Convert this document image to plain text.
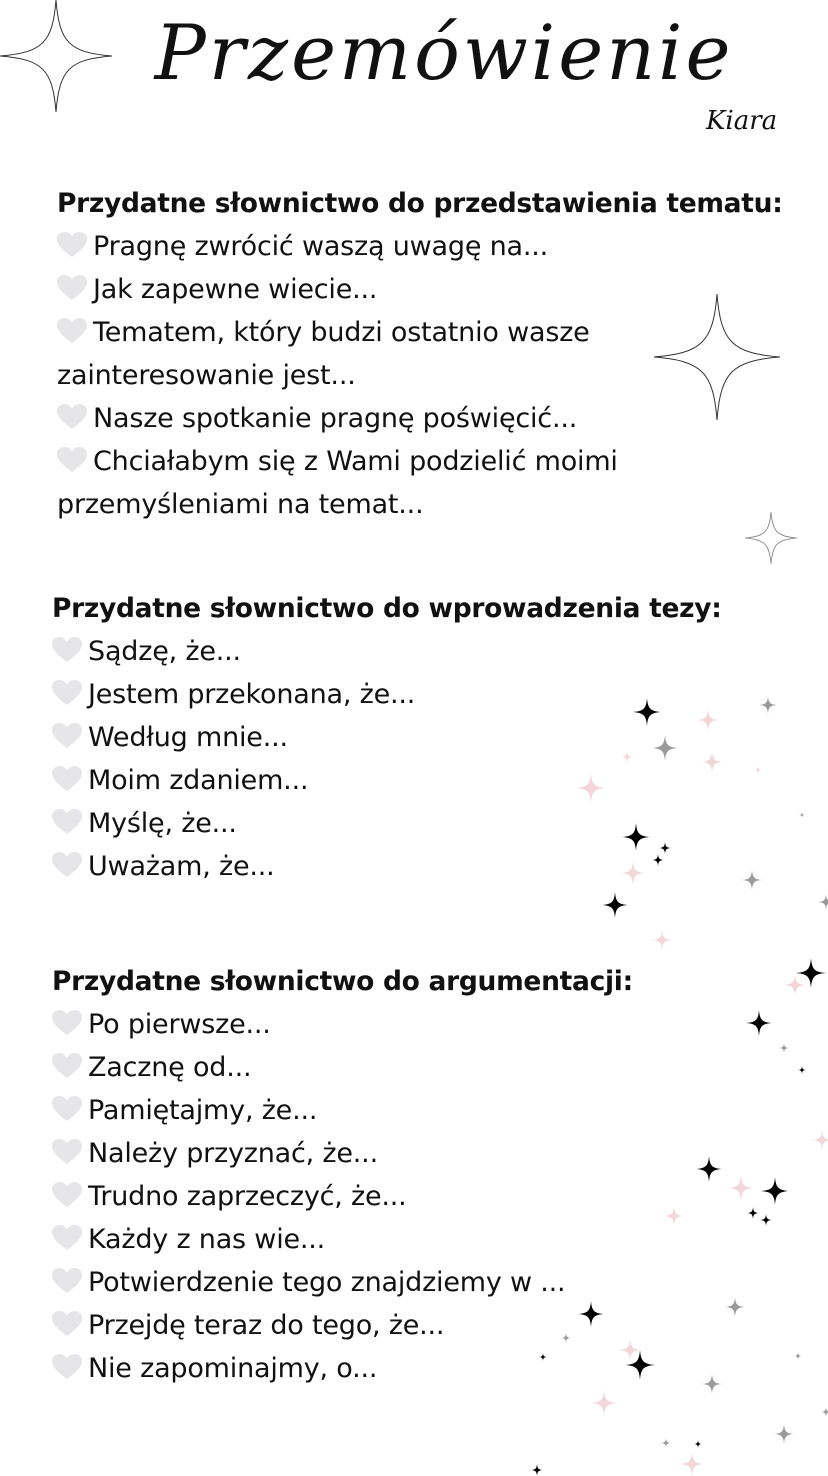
Przemówienie
Kiara
Przydatne słownictwo do przedstawienia tematu:
Pragnę zwrócić waszą uwagę na...
Jak zapewne wiecie...
Tematem, który budzi ostatnio wasze
zainteresowanie jest...
Nasze spotkanie pragnę poświęcić...
Chciałabym się z Wami podzielić moimi
przemyśleniami na temat...
Przydatne słownictwo do wprowadzenia tezy:
Sądzę, że...
Jestem przekonana, że...
Według mnie...
Moim zdaniem...
Myślę, że...
Uważam, że...
Przydatne słownictwo do argumentacji:
Po pierwsze...
Zacznę od...
Pamiętajmy, że...
Należy przyznać, że...
Trudno zaprzeczyć, że...
Każdy z nas wie...
Potwierdzenie tego znajdziemy w ...
Przejdę teraz do tego, że...
Nie zapominajmy, o...
